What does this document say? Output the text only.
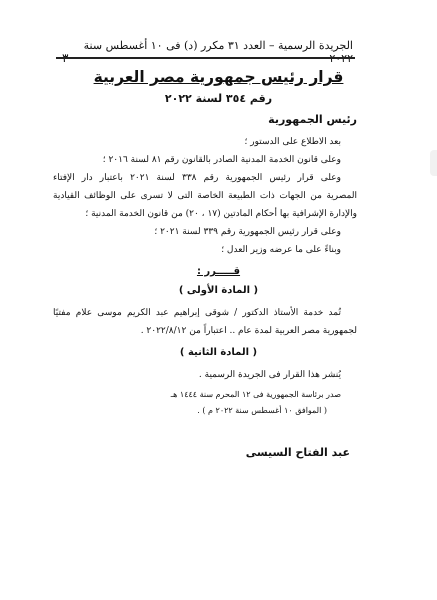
الجريدة الرسمية – العدد ٣١ مكرر (د) فى ١٠ أغسطس سنة
قرار رئيس جمهورية مصر العربية
رقم ٣٥٤ لسنة ٢٠٢٢
رئيس الجمهورية
بعد الاطلاع على الدستور ؛
وعلى قانون الخدمة المدنية الصادر بالقانون رقم ٨١ لسنة ٢٠١٦ ؛
وعلى قرار رئيس الجمهورية رقم ٣٣٨ لسنة ٢٠٢١ باعتبار دار الإفتاء
المصرية من الجهات ذات الطبيعة الخاصة التى لا تسرى على الوظائف القيادية
والإدارة الإشرافية بها أحكام المادتين (١٧ ، ٢٠) من قانون الخدمة المدنية ؛
وعلى قرار رئيس الجمهورية رقم ٣٣٩ لسنة ٢٠٢١ ؛
وبناءً على ما عرضه وزير العدل ؛
قـــــرر :
( المادة الأولى )
تُمد خدمة الأستاذ الدكتور / شوقى إبراهيم عبد الكريم موسى علام مفتيًا
لجمهورية مصر العربية لمدة عام .. اعتباراً من ٢٠٢٢/٨/١٢ .
( المادة الثانية )
يُنشر هذا القرار فى الجريدة الرسمية .
صدر برئاسة الجمهورية فى ١٢ المحرم سنة ١٤٤٤ هـ
( الموافق ١٠ أغسطس سنة ٢٠٢٢ م ) .
عبد الفتاح السيسى
